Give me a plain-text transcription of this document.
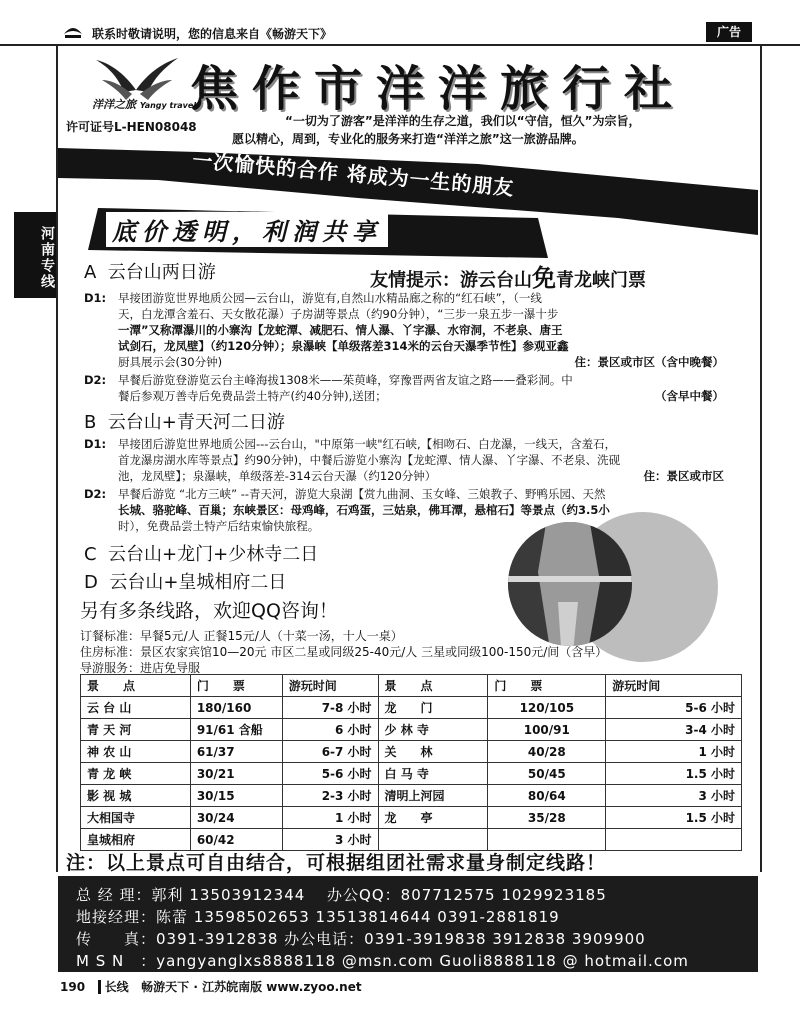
联系时敬请说明，您的信息来自《畅游天下》	广告
河南专线
洋洋之旅 Yangy travel
许可证号L-HEN08048
焦作市洋洋旅行社
“一切为了游客”是洋洋的生存之道，我们以“守信，恒久”为宗旨，
愿以精心，周到，专业化的服务来打造“洋洋之旅”这一旅游品牌。
一次愉快的合作 将成为一生的朋友
底价透明，利润共享
A 云台山两日游	友情提示：游云台山免青龙峡门票
D1: 早接团游览世界地质公园—云台山，游览有,自然山水精品廊之称的“红石峡”，（一线
天，白龙潭含羞石、天女散花瀑）子房湖等景点（约90分钟），“三步一泉五步一瀑十步
一潭”又称潭瀑川的小寨沟【龙蛇潭、减肥石、情人瀑、丫字瀑、水帘洞，不老泉、唐王
试剑石，龙凤壁】（约120分钟）；泉瀑峡【单级落差314米的云台天瀑季节性】参观亚鑫
厨具展示会(30分钟)	住：景区或市区（含中晚餐）
D2: 早餐后游览登游览云台主峰海拔1308米——茱萸峰，穿豫晋两省友谊之路——叠彩洞。中
餐后参观万善寺后免费品尝土特产(约40分钟),送团；	（含早中餐）
B 云台山+青天河二日游
D1: 早接团后游览世界地质公园---云台山，"中原第一峡"红石峡,【相吻石、白龙瀑，一线天，含羞石，
首龙瀑房湖水库等景点】约90分钟)，中餐后游览小寨沟【龙蛇潭、情人瀑、丫字瀑、不老泉、洗砚
池，龙凤壁】；泉瀑峡，单级落差-314云台天瀑（约120分钟）	住：景区或市区
D2: 早餐后游览 “北方三峡” --青天河，游览大泉湖【赏九曲洞、玉女峰、三娘教子、野鸭乐园、天然
长城、骆驼峰、百巢；东峡景区：母鸡峰，石鸡蛋，三姑泉，佛耳潭，悬棺石】等景点（约3.5小
时），免费品尝土特产后结束愉快旅程。
C 云台山+龙门+少林寺二日
D 云台山+皇城相府二日
另有多条线路，欢迎QQ咨询！
订餐标准：早餐5元/人 正餐15元/人（十菜一汤，十人一桌）
住房标准：景区农家宾馆10—20元 市区二星或同级25-40元/人 三星或同级100-150元/间（含早）
导游服务：进店免导服
景　　点	门　　票	游玩时间	景　　点	门　　票	游玩时间
云 台 山	180/160	7-8 小时	龙　　门	120/105	5-6 小时
青 天 河	91/61 含船	6 小时	少 林 寺	100/91	3-4 小时
神 农 山	61/37	6-7 小时	关　　林	40/28	1 小时
青 龙 峡	30/21	5-6 小时	白 马 寺	50/45	1.5 小时
影 视 城	30/15	2-3 小时	清明上河园	80/64	3 小时
大相国寺	30/24	1 小时	龙　　亭	35/28	1.5 小时
皇城相府	60/42	3 小时			
注：以上景点可自由结合，可根据组团社需求量身制定线路！
总 经 理：郭利 13503912344　 办公QQ：807712575 1029923185
地接经理：陈蕾 13598502653 13513814644 0391-2881819
传　　真：0391-3912838 办公电话：0391-3919838 3912838 3909900
M S N　：yangyanglxs8888118 @msn.com Guoli8888118 @ hotmail.com
190 长线 畅游天下 · 江苏皖南版 www.zyoo.net
